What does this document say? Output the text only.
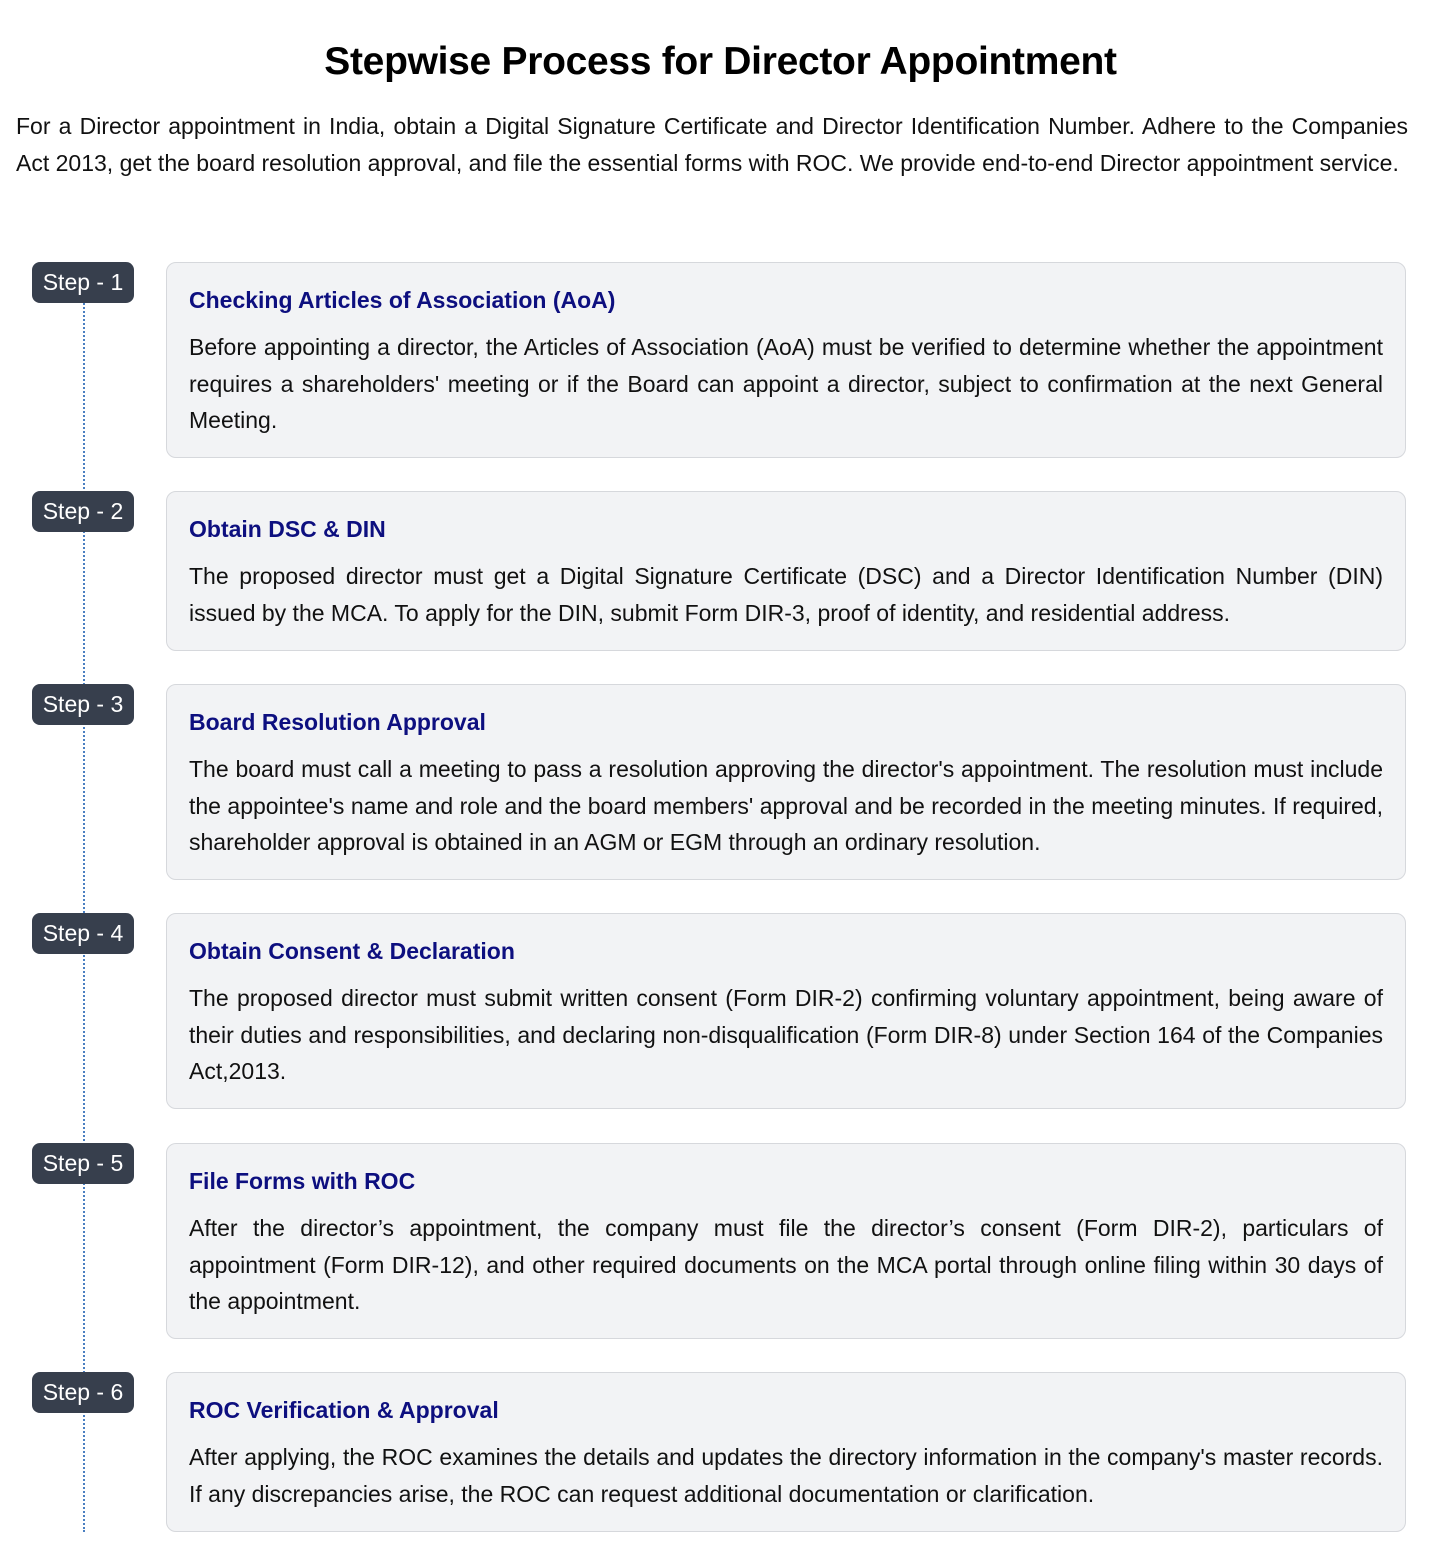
Stepwise Process for Director Appointment

For a Director appointment in India, obtain a Digital Signature Certificate and Director Identification Number. Adhere to the Companies Act 2013, get the board resolution approval, and file the essential forms with ROC. We provide end-to-end Director appointment service.

Step - 1
Checking Articles of Association (AoA)

Before appointing a director, the Articles of Association (AoA) must be verified to determine whether the appointment requires a shareholders' meeting or if the Board can appoint a director, subject to confirmation at the next General Meeting.

Step - 2
Obtain DSC & DIN

The proposed director must get a Digital Signature Certificate (DSC) and a Director Identification Number (DIN) issued by the MCA. To apply for the DIN, submit Form DIR-3, proof of identity, and residential address.

Step - 3
Board Resolution Approval

The board must call a meeting to pass a resolution approving the director's appointment. The resolution must include the appointee's name and role and the board members' approval and be recorded in the meeting minutes. If required, shareholder approval is obtained in an AGM or EGM through an ordinary resolution.

Step - 4
Obtain Consent & Declaration

The proposed director must submit written consent (Form DIR-2) confirming voluntary appointment, being aware of their duties and responsibilities, and declaring non-disqualification (Form DIR-8) under Section 164 of the Companies Act,2013.

Step - 5
File Forms with ROC

After the director’s appointment, the company must file the director’s consent (Form DIR-2), particulars of appointment (Form DIR-12), and other required documents on the MCA portal through online filing within 30 days of the appointment.

Step - 6
ROC Verification & Approval

After applying, the ROC examines the details and updates the directory information in the company's master records. If any discrepancies arise, the ROC can request additional documentation or clarification.
